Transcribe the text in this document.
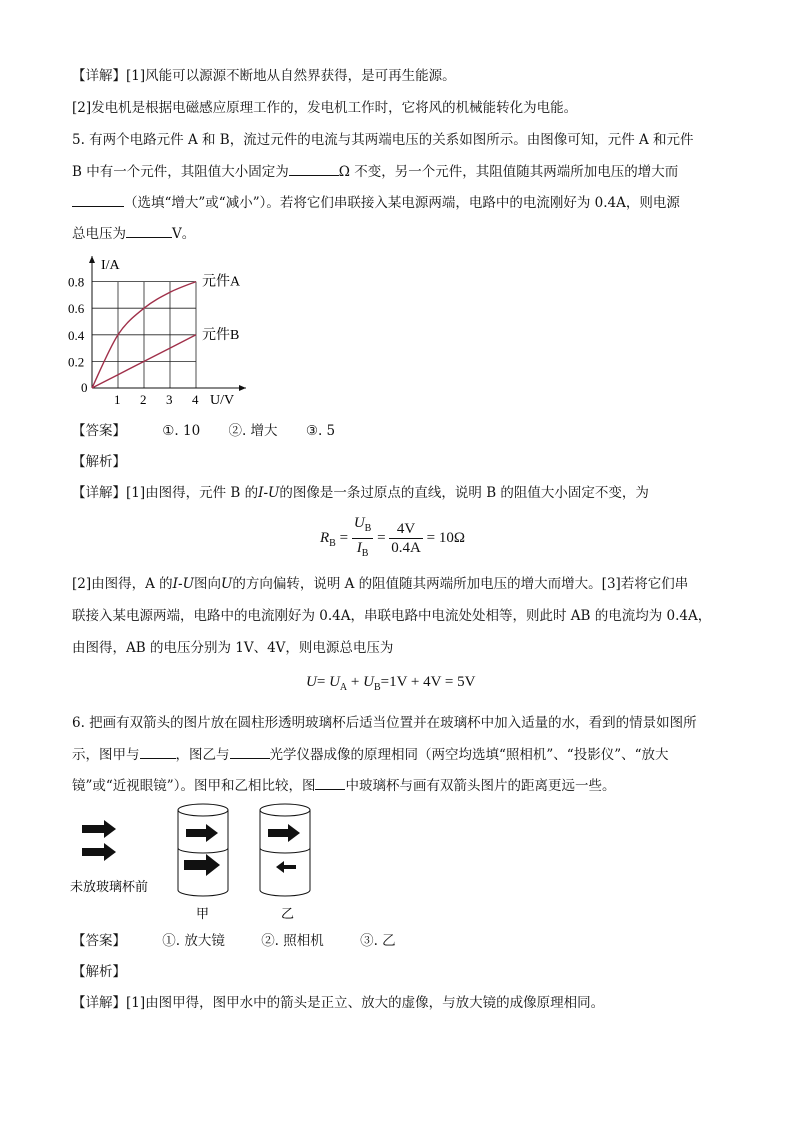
【详解】[1]风能可以源源不断地从自然界获得，是可再生能源。
[2]发电机是根据电磁感应原理工作的，发电机工作时，它将风的机械能转化为电能。
5. 有两个电路元件 A 和 B，流过元件的电流与其两端电压的关系如图所示。由图像可知，元件 A 和元件
B 中有一个元件，其阻值大小固定为	Ω 不变，另一个元件，其阻值随其两端所加电压的增大而
（选填“增大”或“减小”）。若将它们串联接入某电源两端，电路中的电流刚好为 0.4A，则电源
总电压为	V。
I/A
U/V
0
1 2 3 4
0.2
0.4
0.6
0.8	元件A
元件B
【答案】	①. 10 ②. 增大 ③. 5
【解析】
【详解】[1]由图得，元件 B 的I-U的图像是一条过原点的直线，说明 B 的阻值大小固定不变，为
$R_B = \frac{U_B}{I_B} = \frac{4V}{0.4A} = 10\Omega$
[2]由图得，A 的I-U图向U的方向偏转，说明 A 的阻值随其两端所加电压的增大而增大。[3]若将它们串
联接入某电源两端，电路中的电流刚好为 0.4A，串联电路中电流处处相等，则此时 AB 的电流均为 0.4A，
由图得，AB 的电压分别为 1V、4V，则电源总电压为
$U= U_A + U_B=1V + 4V = 5V$
6. 把画有双箭头的图片放在圆柱形透明玻璃杯后适当位置并在玻璃杯中加入适量的水，看到的情景如图所
示，图甲与	，图乙与	光学仪器成像的原理相同（两空均选填“照相机”、“投影仪”、“放大
镜”或“近视眼镜”）。图甲和乙相比较，图 中玻璃杯与画有双箭头图片的距离更远一些。
未放玻璃杯前
甲	乙
【答案】	①. 放大镜	②. 照相机	③. 乙
【解析】
【详解】[1]由图甲得，图甲水中的箭头是正立、放大的虚像，与放大镜的成像原理相同。
